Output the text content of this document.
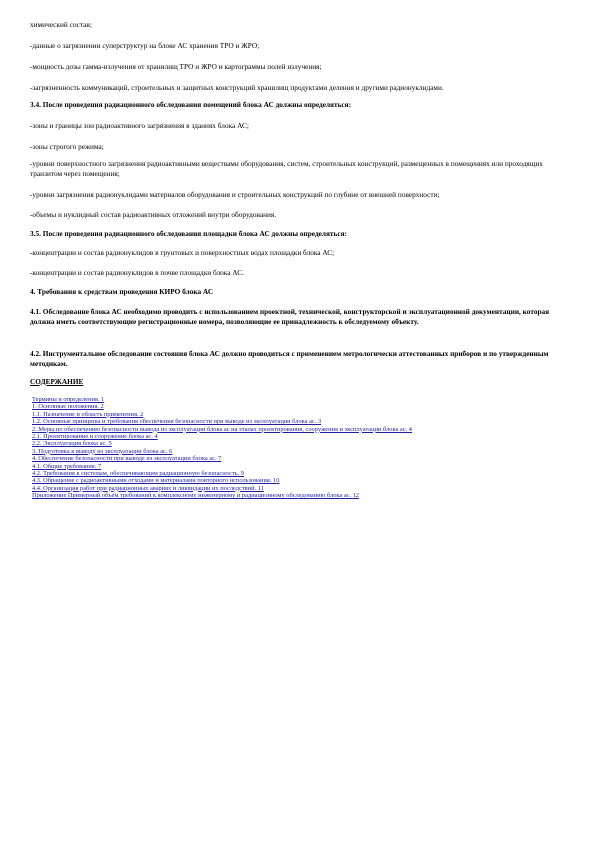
химический состав;

-данные о загрязнении суперструктур на блоке АС хранения ТРО и ЖРО;

-мощность дозы гамма-излучения от хранилищ ТРО и ЖРО и картограммы полей излучения;

-загрязненность коммуникаций, строительных и защитных конструкций хранилищ продуктами деления и другими радионуклидами.

3.4. После проведения радиационного обследования помещений блока АС должны определяться:

-зоны и границы зон радиоактивного загрязнения в зданиях блока АС;

-зоны строгого режима;

-уровни поверхностного загрязнения радиоактивными веществами оборудования, систем, строительных конструкций, размещенных в помещениях или проходящих транзитом через помещения;

-уровни загрязнения радионуклидами материалов оборудования и строительных конструкций по глубине от внешней поверхности;

-объемы и нуклидный состав радиоактивных отложений внутри оборудования.

3.5. После проведения радиационного обследования площадки блока АС должны определяться:

-концентрации и состав радионуклидов в грунтовых и поверхностных водах площадки блока АС;

-концентрации и состав радионуклидов в почве площадки блока АС.

4. Требования к средствам проведения КИРО блока АС

4.1. Обследование блока АС необходимо проводить с использованием проектной, технической, конструкторской и эксплуатационной документации, которая должна иметь соответствующие регистрационные номера, позволяющие ее принадлежность к обследуемому объекту.

4.2. Инструментальное обследование состояния блока АС должно проводиться с применением метрологически аттестованных приборов и по утвержденным методикам.

СОДЕРЖАНИЕ

Термины и определения. 1
1. Основные положения. 2
1.1. Назначение и область применения. 2
1.2. Основные принципы и требования обеспечения безопасности при выводе из эксплуатации блока ас. 3
2. Меры по обеспечению безопасности вывода из эксплуатации блока ас на этапах проектирования, сооружения и эксплуатации блока ас. 4
2.1. Проектирование и сооружение блока ас. 4
2.2. Эксплуатация блока ас. 5
3. Подготовка к выводу из эксплуатации блока ас. 6
4. Обеспечение безопасности при выводе из эксплуатации блока ас. 7
4.1. Общие требования. 7
4.2. Требования к системам, обеспечивающим радиационную безопасность. 9
4.3. Обращение с радиоактивными отходами и материалами повторного использования. 10
4.4. Организация работ при радиационных авариях и ликвидации их последствий. 11
Приложение Примерный объем требований к комплексному инженерному и радиационному обследованию блока ас. 12
